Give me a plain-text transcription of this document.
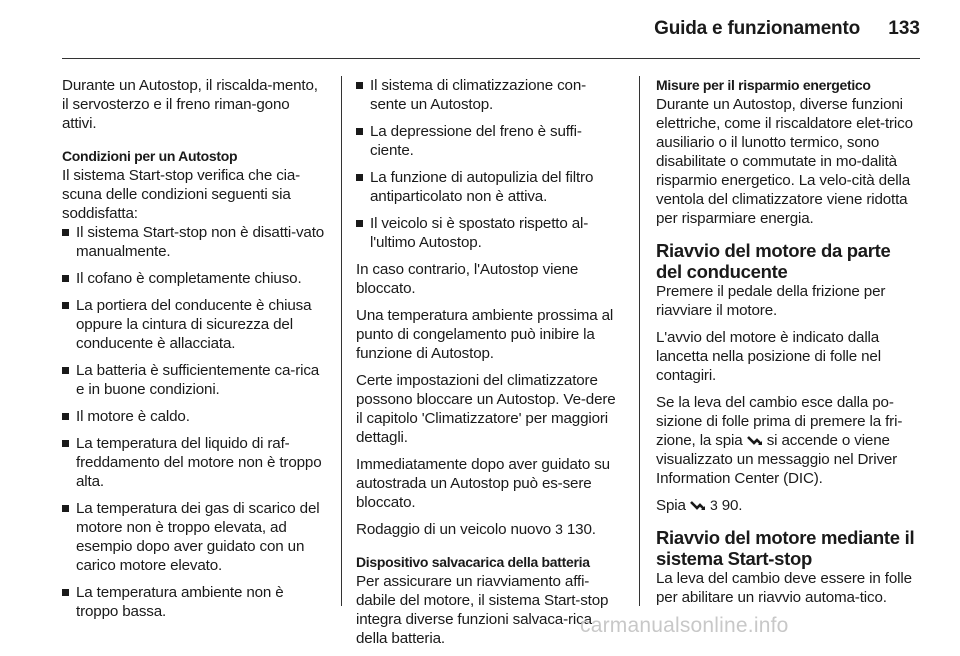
Guida e funzionamento	133

Durante un Autostop, il riscalda-mento, il servosterzo e il freno riman-gono attivi.

Condizioni per un Autostop

Il sistema Start-stop verifica che cia-scuna delle condizioni seguenti sia soddisfatta:

Il sistema Start-stop non è disatti-vato manualmente.
Il cofano è completamente chiuso.
La portiera del conducente è chiusa oppure la cintura di sicurezza del conducente è allacciata.
La batteria è sufficientemente ca-rica e in buone condizioni.
Il motore è caldo.
La temperatura del liquido di raf-freddamento del motore non è troppo alta.
La temperatura dei gas di scarico del motore non è troppo elevata, ad esempio dopo aver guidato con un carico motore elevato.
La temperatura ambiente non è troppo bassa.
Il sistema di climatizzazione con-sente un Autostop.
La depressione del freno è suffi-ciente.
La funzione di autopulizia del filtro antiparticolato non è attiva.
Il veicolo si è spostato rispetto al-l'ultimo Autostop.

In caso contrario, l'Autostop viene bloccato.

Una temperatura ambiente prossima al punto di congelamento può inibire la funzione di Autostop.

Certe impostazioni del climatizzatore possono bloccare un Autostop. Ve-dere il capitolo 'Climatizzatore' per maggiori dettagli.

Immediatamente dopo aver guidato su autostrada un Autostop può es-sere bloccato.

Rodaggio di un veicolo nuovo 3 130.

Dispositivo salvacarica della batteria

Per assicurare un riavviamento affi-dabile del motore, il sistema Start-stop integra diverse funzioni salvaca-rica della batteria.

Misure per il risparmio energetico

Durante un Autostop, diverse funzioni elettriche, come il riscaldatore elet-trico ausiliario o il lunotto termico, sono disabilitate o commutate in mo-dalità risparmio energetico. La velo-cità della ventola del climatizzatore viene ridotta per risparmiare energia.

Riavvio del motore da parte del conducente

Premere il pedale della frizione per riavviare il motore.

L'avvio del motore è indicato dalla lancetta nella posizione di folle nel contagiri.

Se la leva del cambio esce dalla po-sizione di folle prima di premere la fri-zione, la spia si accende o viene visualizzato un messaggio nel Driver Information Center (DIC).

Spia 3 90.

Riavvio del motore mediante il sistema Start-stop

La leva del cambio deve essere in folle per abilitare un riavvio automa-tico.

carmanualsonline.info
